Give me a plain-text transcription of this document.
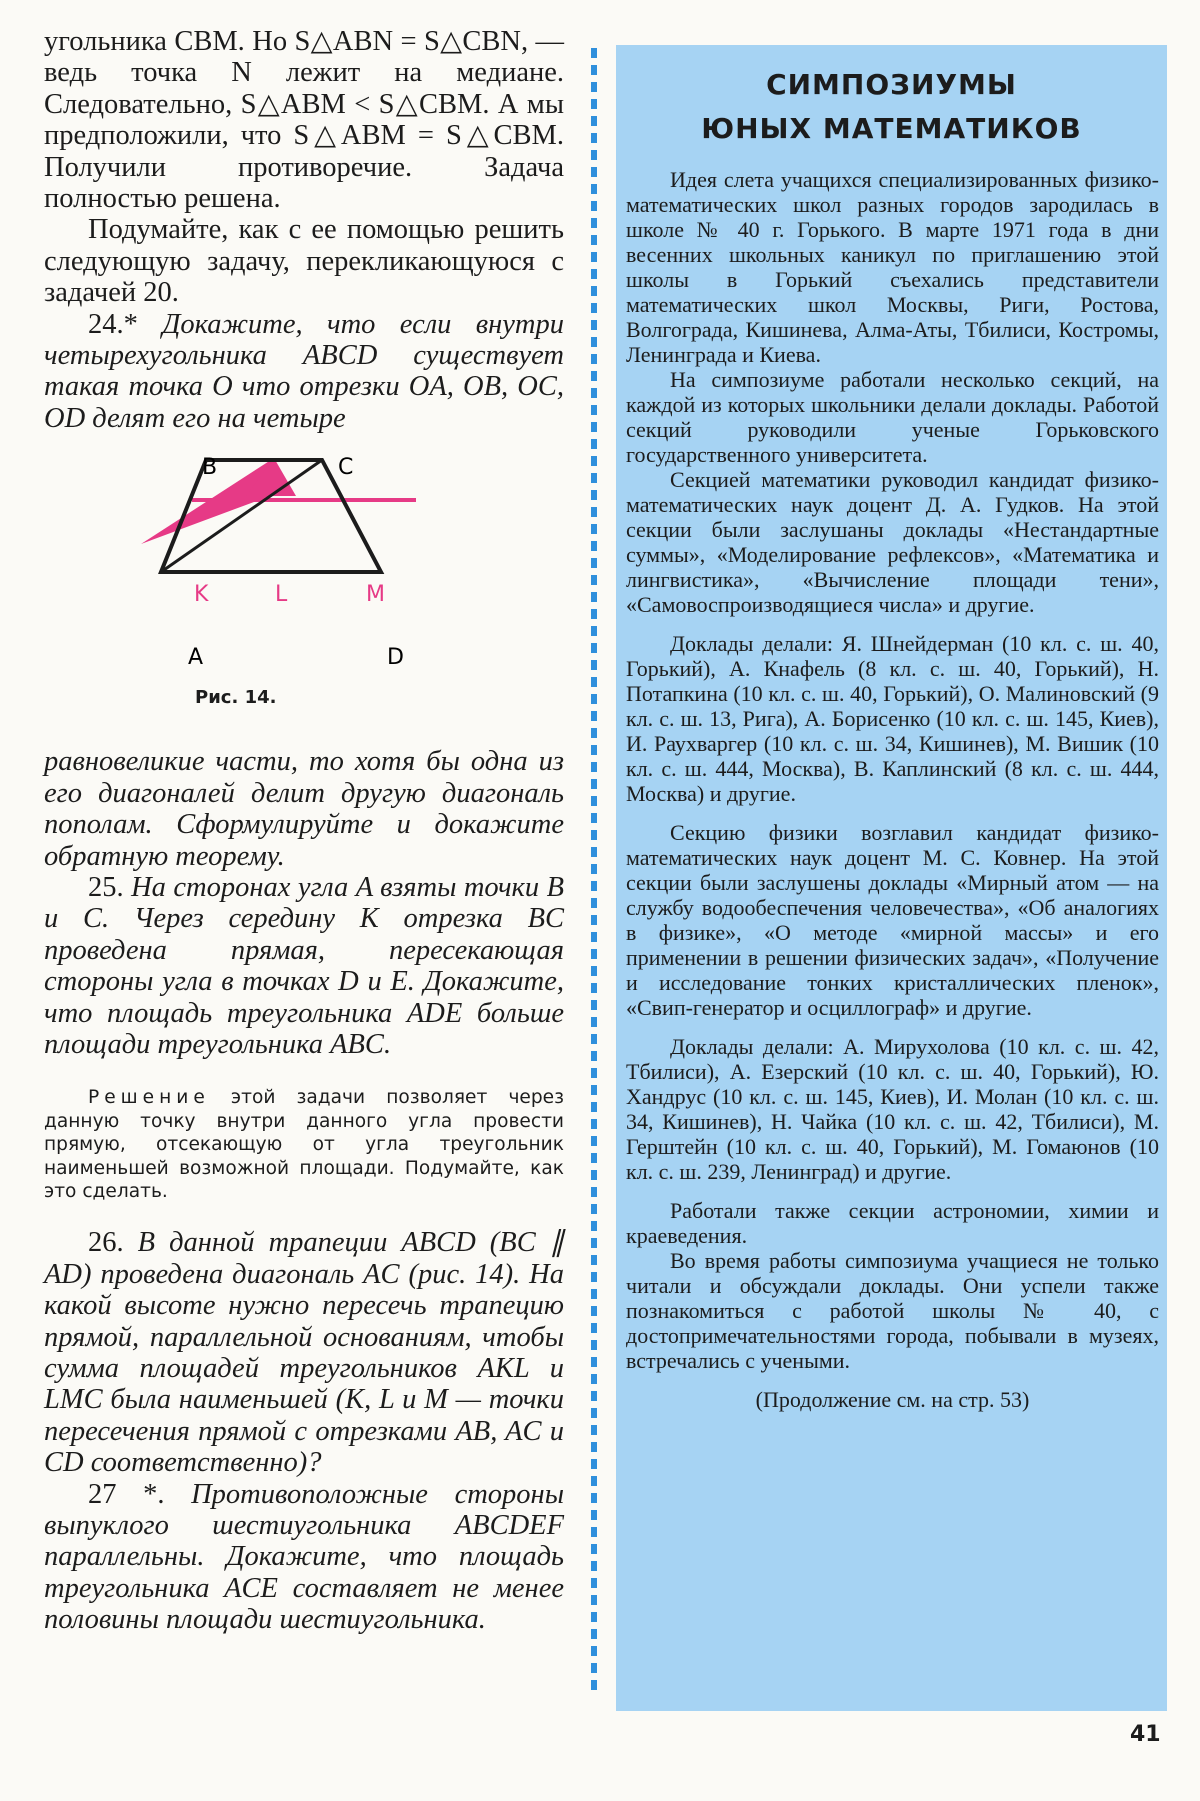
угольника CBM. Но S△ABN = S△CBN, — ведь точка N лежит на медиане. Следовательно, S△ABM < S△CBM. А мы предположили, что S△ABM = S△CBM. Получили противоречие. Задача полностью решена.

Подумайте, как с ее помощью решить следующую задачу, перекликающуюся с задачей 20.

24.* Докажите, что если внутри четырехугольника ABCD существует такая точка O что отрезки OA, OB, OC, OD делят его на четыре

B	C
A	D
K	L	M
Рис. 14.

равновеликие части, то хотя бы одна из его диагоналей делит другую диагональ пополам. Сформулируйте и докажите обратную теорему.

25. На сторонах угла A взяты точки B и C. Через середину K отрезка BC проведена прямая, пересекающая стороны угла в точках D и E. Докажите, что площадь треугольника ADE больше площади треугольника ABC.

Решение этой задачи позволяет через данную точку внутри данного угла провести прямую, отсекающую от угла треугольник наименьшей возможной площади. Подумайте, как это сделать.

26. В данной трапеции ABCD (BC ∥ AD) проведена диагональ AC (рис. 14). На какой высоте нужно пересечь трапецию прямой, параллельной основаниям, чтобы сумма площадей треугольников AKL и LMC была наименьшей (K, L и M — точки пересечения прямой с отрезками AB, AC и CD соответственно)?

27 *. Противоположные стороны выпуклого шестиугольника ABCDEF параллельны. Докажите, что площадь треугольника ACE составляет не менее половины площади шестиугольника.

СИМПОЗИУМЫ
ЮНЫХ МАТЕМАТИКОВ

Идея слета учащихся специализированных физико-математических школ разных городов зародилась в школе № 40 г. Горького. В марте 1971 года в дни весенних школьных каникул по приглашению этой школы в Горький съехались представители математических школ Москвы, Риги, Ростова, Волгограда, Кишинева, Алма-Аты, Тбилиси, Костромы, Ленинграда и Киева.

На симпозиуме работали несколько секций, на каждой из которых школьники делали доклады. Работой секций руководили ученые Горьковского государственного университета.

Секцией математики руководил кандидат физико-математических наук доцент Д. А. Гудков. На этой секции были заслушаны доклады «Нестандартные суммы», «Моделирование рефлексов», «Математика и лингвистика», «Вычисление площади тени», «Самовоспроизводящиеся числа» и другие.

Доклады делали: Я. Шнейдерман (10 кл. с. ш. 40, Горький), А. Кнафель (8 кл. с. ш. 40, Горький), Н. Потапкина (10 кл. с. ш. 40, Горький), О. Малиновский (9 кл. с. ш. 13, Рига), А. Борисенко (10 кл. с. ш. 145, Киев), И. Раухваргер (10 кл. с. ш. 34, Кишинев), М. Вишик (10 кл. с. ш. 444, Москва), В. Каплинский (8 кл. с. ш. 444, Москва) и другие.

Секцию физики возглавил кандидат физико-математических наук доцент М. С. Ковнер. На этой секции были заслушены доклады «Мирный атом — на службу водообеспечения человечества», «Об аналогиях в физике», «О методе «мирной массы» и его применении в решении физических задач», «Получение и исследование тонких кристаллических пленок», «Свип-генератор и осциллограф» и другие.

Доклады делали: А. Мирухолова (10 кл. с. ш. 42, Тбилиси), А. Езерский (10 кл. с. ш. 40, Горький), Ю. Хандрус (10 кл. с. ш. 145, Киев), И. Молан (10 кл. с. ш. 34, Кишинев), Н. Чайка (10 кл. с. ш. 42, Тбилиси), М. Герштейн (10 кл. с. ш. 40, Горький), М. Гомаюнов (10 кл. с. ш. 239, Ленинград) и другие.

Работали также секции астрономии, химии и краеведения.

Во время работы симпозиума учащиеся не только читали и обсуждали доклады. Они успели также познакомиться с работой школы № 40, с достопримечательностями города, побывали в музеях, встречались с учеными.

(Продолжение см. на стр. 53)

41
